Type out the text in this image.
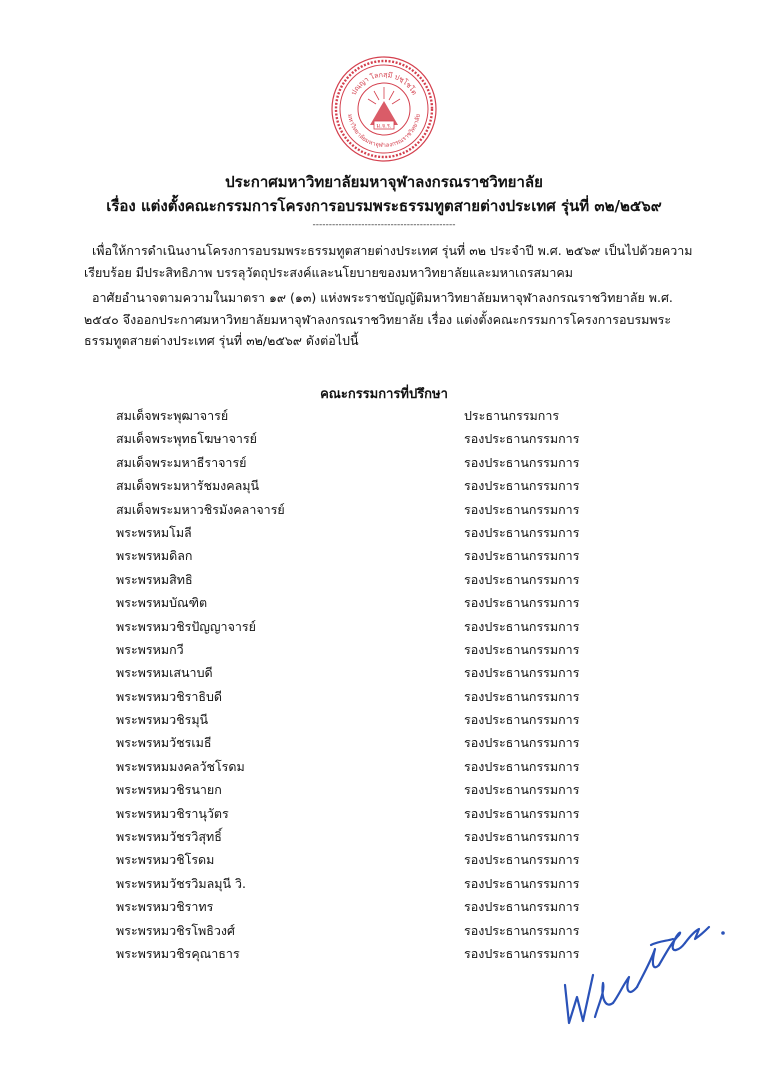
ปณฺญา โลกสฺมึ ปชฺโชโต
มหาวิทยาลัยมหาจุฬาลงกรณราชวิทยาลัย
ม.จ.ร.
ประกาศมหาวิทยาลัยมหาจุฬาลงกรณราชวิทยาลัย
เรื่อง แต่งตั้งคณะกรรมการโครงการอบรมพระธรรมทูตสายต่างประเทศ รุ่นที่ ๓๒/๒๕๖๙
--------------------------------------------
เพื่อให้การดำเนินงานโครงการอบรมพระธรรมทูตสายต่างประเทศ รุ่นที่ ๓๒ ประจำปี พ.ศ. ๒๕๖๙ เป็นไปด้วยความเรียบร้อย มีประสิทธิภาพ บรรลุวัตถุประสงค์และนโยบายของมหาวิทยาลัยและมหาเถรสมาคม
อาศัยอำนาจตามความในมาตรา ๑๙ (๑๓) แห่งพระราชบัญญัติมหาวิทยาลัยมหาจุฬาลงกรณราชวิทยาลัย พ.ศ. ๒๕๔๐ จึงออกประกาศมหาวิทยาลัยมหาจุฬาลงกรณราชวิทยาลัย เรื่อง แต่งตั้งคณะกรรมการโครงการอบรมพระธรรมทูตสายต่างประเทศ รุ่นที่ ๓๒/๒๕๖๙ ดังต่อไปนี้
คณะกรรมการที่ปรึกษา
สมเด็จพระพุฒาจารย์	ประธานกรรมการ
สมเด็จพระพุทธโฆษาจารย์	รองประธานกรรมการ
สมเด็จพระมหาธีราจารย์	รองประธานกรรมการ
สมเด็จพระมหารัชมงคลมุนี	รองประธานกรรมการ
สมเด็จพระมหาวชิรมังคลาจารย์	รองประธานกรรมการ
พระพรหมโมลี	รองประธานกรรมการ
พระพรหมดิลก	รองประธานกรรมการ
พระพรหมสิทธิ	รองประธานกรรมการ
พระพรหมบัณฑิต	รองประธานกรรมการ
พระพรหมวชิรปัญญาจารย์	รองประธานกรรมการ
พระพรหมกวี	รองประธานกรรมการ
พระพรหมเสนาบดี	รองประธานกรรมการ
พระพรหมวชิราธิบดี	รองประธานกรรมการ
พระพรหมวชิรมุนี	รองประธานกรรมการ
พระพรหมวัชรเมธี	รองประธานกรรมการ
พระพรหมมงคลวัชโรดม	รองประธานกรรมการ
พระพรหมวชิรนายก	รองประธานกรรมการ
พระพรหมวชิรานุวัตร	รองประธานกรรมการ
พระพรหมวัชรวิสุทธิ์	รองประธานกรรมการ
พระพรหมวชิโรดม	รองประธานกรรมการ
พระพรหมวัชรวิมลมุนี วิ.	รองประธานกรรมการ
พระพรหมวชิราทร	รองประธานกรรมการ
พระพรหมวชิรโพธิวงศ์	รองประธานกรรมการ
พระพรหมวชิรคุณาธาร	รองประธานกรรมการ
